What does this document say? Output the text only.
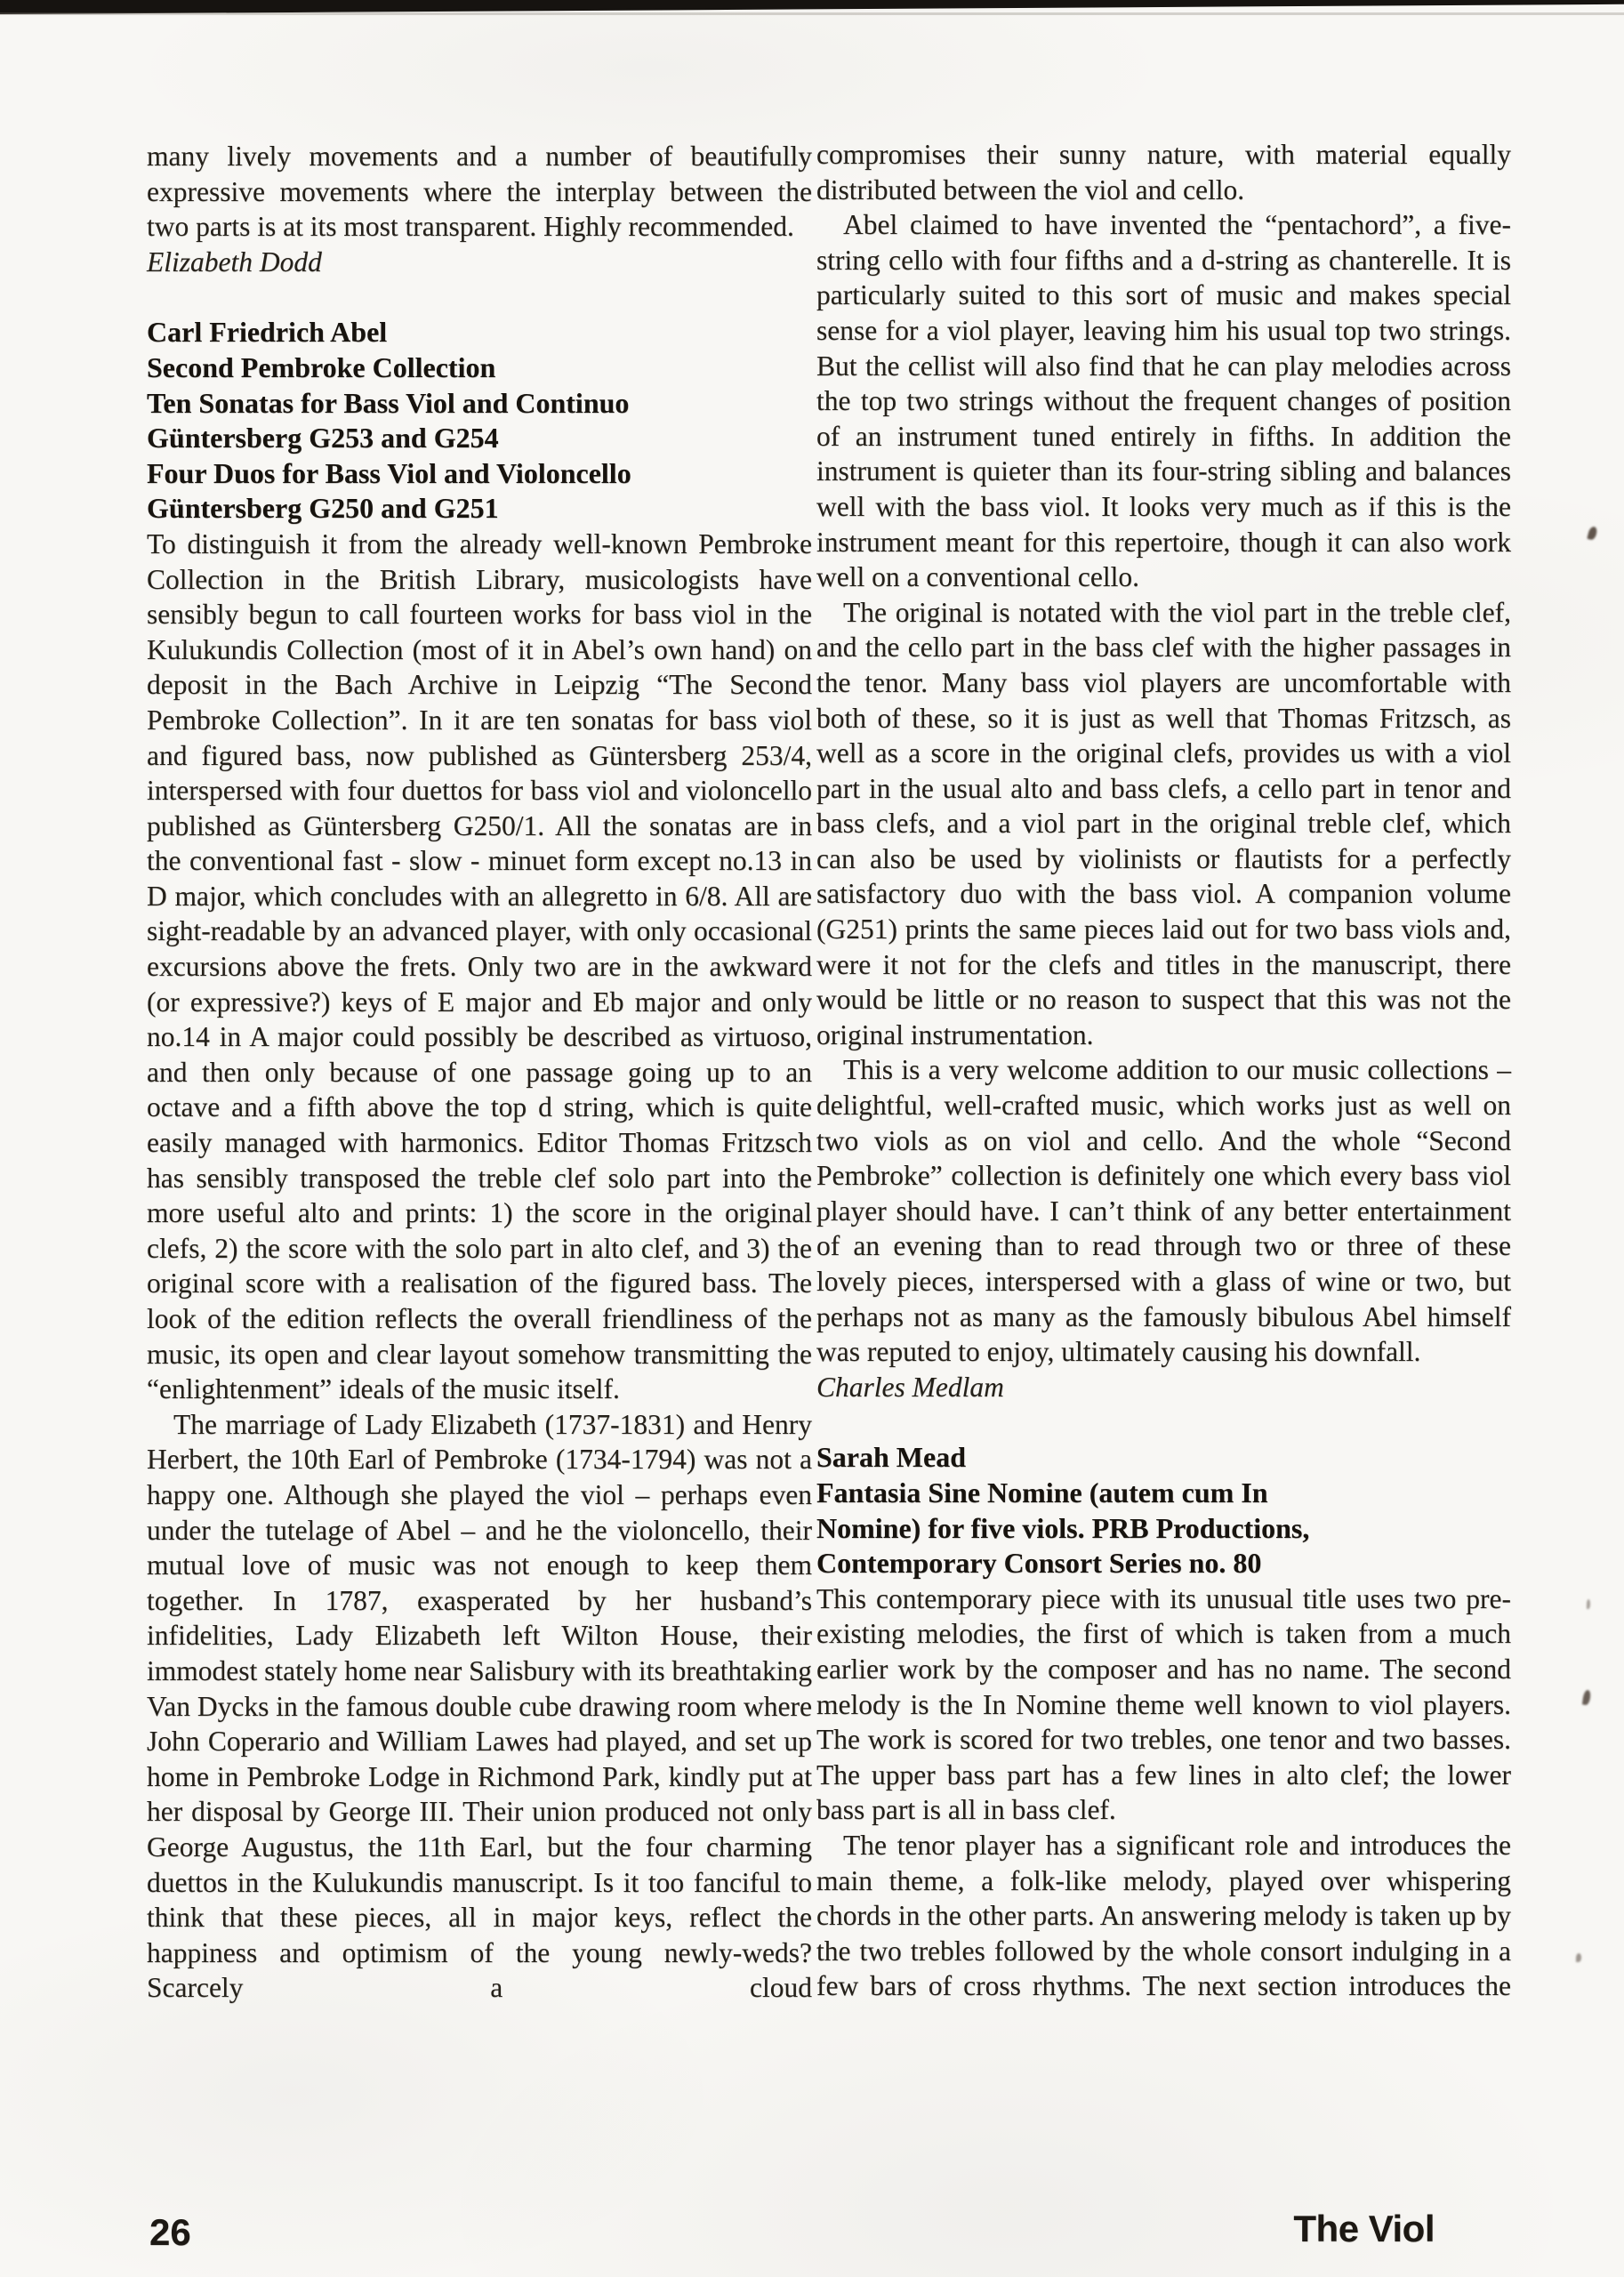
many lively movements and a number of beautifully expressive movements where the interplay between the two parts is at its most transparent. Highly recommended.

Elizabeth Dodd

Carl Friedrich Abel
Second Pembroke Collection
Ten Sonatas for Bass Viol and Continuo
Güntersberg G253 and G254
Four Duos for Bass Viol and Violoncello
Güntersberg G250 and G251

To distinguish it from the already well-known Pembroke Collection in the British Library, musicologists have sensibly begun to call fourteen works for bass viol in the Kulukundis Collection (most of it in Abel’s own hand) on deposit in the Bach Archive in Leipzig “The Second Pembroke Collection”. In it are ten sonatas for bass viol and figured bass, now published as Güntersberg 253/4, interspersed with four duettos for bass viol and violoncello published as Güntersberg G250/1. All the sonatas are in the conventional fast - slow - minuet form except no.13 in D major, which concludes with an allegretto in 6/8. All are sight-readable by an advanced player, with only occasional excursions above the frets. Only two are in the awkward (or expressive?) keys of E major and Eb major and only no.14 in A major could possibly be described as virtuoso, and then only because of one passage going up to an octave and a fifth above the top d string, which is quite easily managed with harmonics. Editor Thomas Fritzsch has sensibly transposed the treble clef solo part into the more useful alto and prints: 1) the score in the original clefs, 2) the score with the solo part in alto clef, and 3) the original score with a realisation of the figured bass. The look of the edition reflects the overall friendliness of the music, its open and clear layout somehow transmitting the “enlightenment” ideals of the music itself.

The marriage of Lady Elizabeth (1737-1831) and Henry Herbert, the 10th Earl of Pembroke (1734-1794) was not a happy one. Although she played the viol – perhaps even under the tutelage of Abel – and he the violoncello, their mutual love of music was not enough to keep them together. In 1787, exasperated by her husband’s infidelities, Lady Elizabeth left Wilton House, their immodest stately home near Salisbury with its breathtaking Van Dycks in the famous double cube drawing room where John Coperario and William Lawes had played, and set up home in Pembroke Lodge in Richmond Park, kindly put at her disposal by George III. Their union produced not only George Augustus, the 11th Earl, but the four charming duettos in the Kulukundis manuscript. Is it too fanciful to think that these pieces, all in major keys, reflect the happiness and optimism of the young newly-weds? Scarcely a cloud

compromises their sunny nature, with material equally distributed between the viol and cello.

Abel claimed to have invented the “pentachord”, a five-string cello with four fifths and a d-string as chanterelle. It is particularly suited to this sort of music and makes special sense for a viol player, leaving him his usual top two strings. But the cellist will also find that he can play melodies across the top two strings without the frequent changes of position of an instrument tuned entirely in fifths. In addition the instrument is quieter than its four-string sibling and balances well with the bass viol. It looks very much as if this is the instrument meant for this repertoire, though it can also work well on a conventional cello.

The original is notated with the viol part in the treble clef, and the cello part in the bass clef with the higher passages in the tenor. Many bass viol players are uncomfortable with both of these, so it is just as well that Thomas Fritzsch, as well as a score in the original clefs, provides us with a viol part in the usual alto and bass clefs, a cello part in tenor and bass clefs, and a viol part in the original treble clef, which can also be used by violinists or flautists for a perfectly satisfactory duo with the bass viol. A companion volume (G251) prints the same pieces laid out for two bass viols and, were it not for the clefs and titles in the manuscript, there would be little or no reason to suspect that this was not the original instrumentation.

This is a very welcome addition to our music collections – delightful, well-crafted music, which works just as well on two viols as on viol and cello. And the whole “Second Pembroke” collection is definitely one which every bass viol player should have. I can’t think of any better entertainment of an evening than to read through two or three of these lovely pieces, interspersed with a glass of wine or two, but perhaps not as many as the famously bibulous Abel himself was reputed to enjoy, ultimately causing his downfall.

Charles Medlam

Sarah Mead
Fantasia Sine Nomine (autem cum In
Nomine) for five viols. PRB Productions,
Contemporary Consort Series no. 80

This contemporary piece with its unusual title uses two pre-existing melodies, the first of which is taken from a much earlier work by the composer and has no name. The second melody is the In Nomine theme well known to viol players. The work is scored for two trebles, one tenor and two basses. The upper bass part has a few lines in alto clef; the lower bass part is all in bass clef.

The tenor player has a significant role and introduces the main theme, a folk-like melody, played over whispering chords in the other parts. An answering melody is taken up by the two trebles followed by the whole consort indulging in a few bars of cross rhythms. The next section introduces the

26	The Viol
